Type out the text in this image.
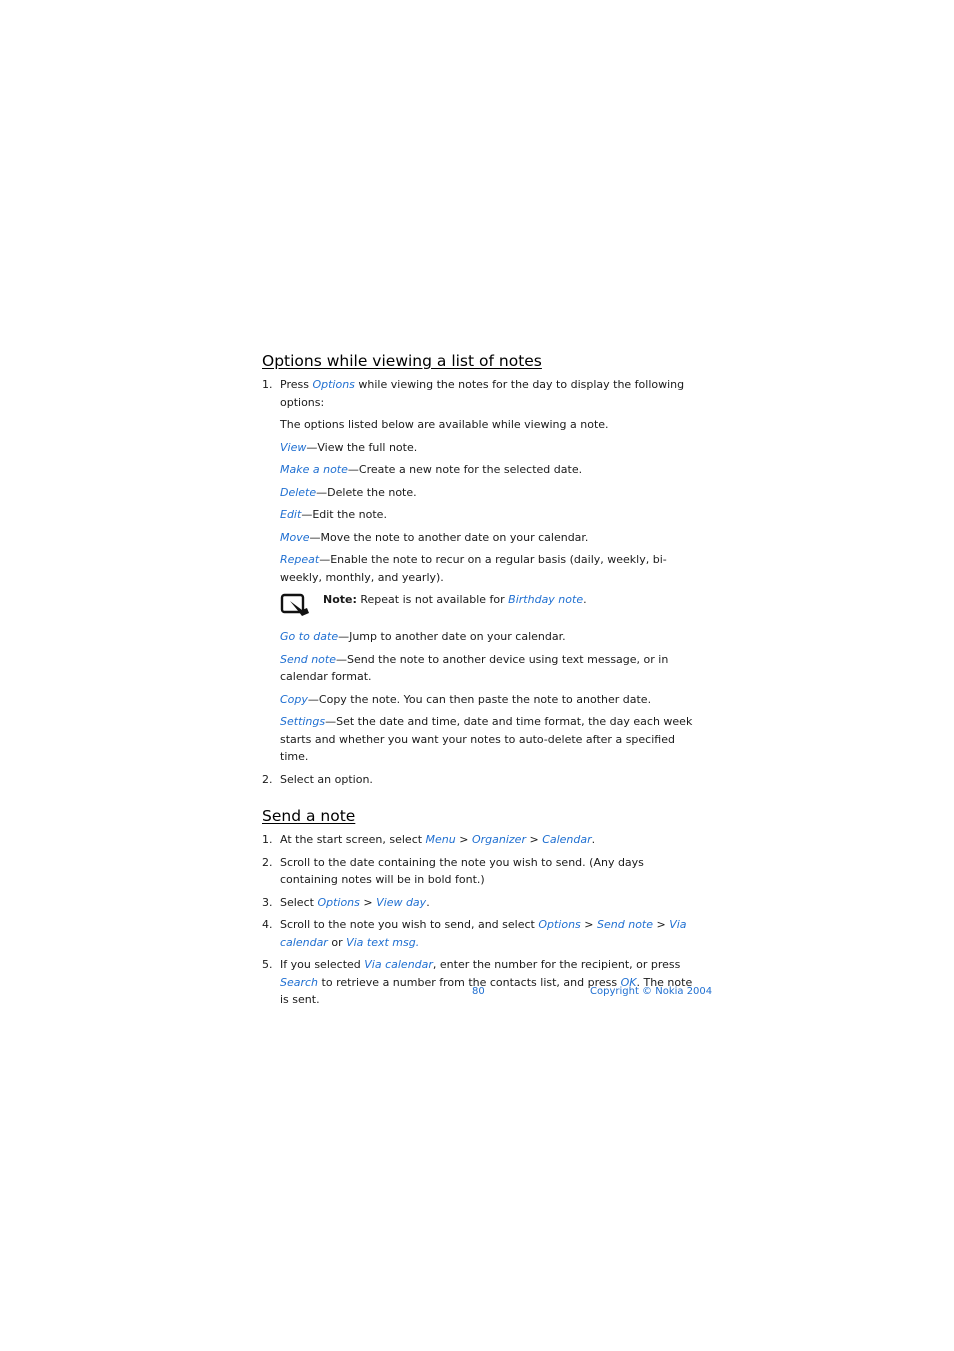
Options while viewing a list of notes
1. Press Options while viewing the notes for the day to display the following options:

The options listed below are available while viewing a note.

View—View the full note.

Make a note—Create a new note for the selected date.

Delete—Delete the note.

Edit—Edit the note.

Move—Move the note to another date on your calendar.

Repeat—Enable the note to recur on a regular basis (daily, weekly, bi-weekly, monthly, and yearly).

Note: Repeat is not available for Birthday note.

Go to date—Jump to another date on your calendar.

Send note—Send the note to another device using text message, or in calendar format.

Copy—Copy the note. You can then paste the note to another date.

Settings—Set the date and time, date and time format, the day each week starts and whether you want your notes to auto-delete after a specified time.

2. Select an option.
Send a note
1. At the start screen, select Menu > Organizer > Calendar.
2. Scroll to the date containing the note you wish to send. (Any days containing notes will be in bold font.)
3. Select Options > View day.
4. Scroll to the note you wish to send, and select Options > Send note > Via calendar or Via text msg.
5. If you selected Via calendar, enter the number for the recipient, or press Search to retrieve a number from the contacts list, and press OK. The note is sent.
80	Copyright © Nokia 2004
